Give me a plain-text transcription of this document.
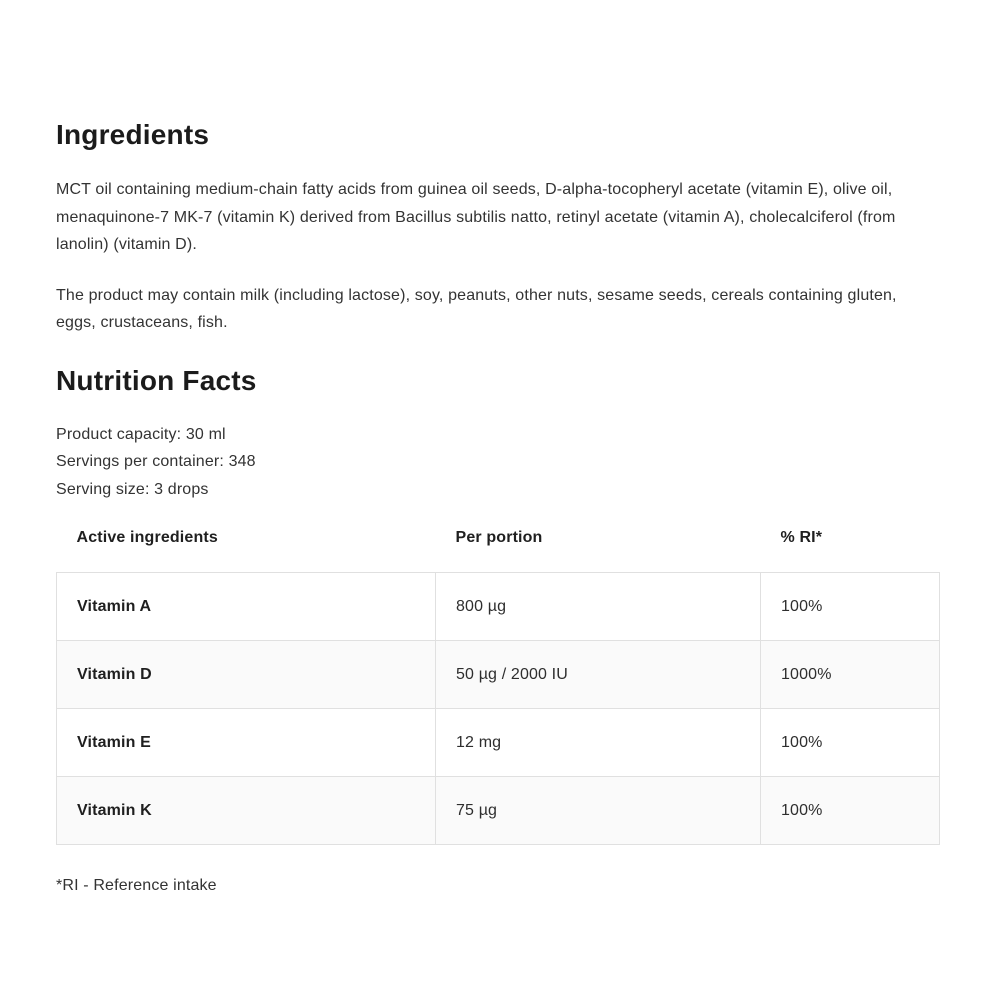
Ingredients

MCT oil containing medium-chain fatty acids from guinea oil seeds, D-alpha-tocopheryl acetate (vitamin E), olive oil, menaquinone-7 MK-7 (vitamin K) derived from Bacillus subtilis natto, retinyl acetate (vitamin A), cholecalciferol (from lanolin) (vitamin D).

The product may contain milk (including lactose), soy, peanuts, other nuts, sesame seeds, cereals containing gluten, eggs, crustaceans, fish.

Nutrition Facts
Product capacity: 30 ml
Servings per container: 348
Serving size: 3 drops
Active ingredients	Per portion	% RI*
Vitamin A	800 µg	100%
Vitamin D	50 µg / 2000 IU	1000%
Vitamin E	12 mg	100%
Vitamin K	75 µg	100%
*RI - Reference intake
